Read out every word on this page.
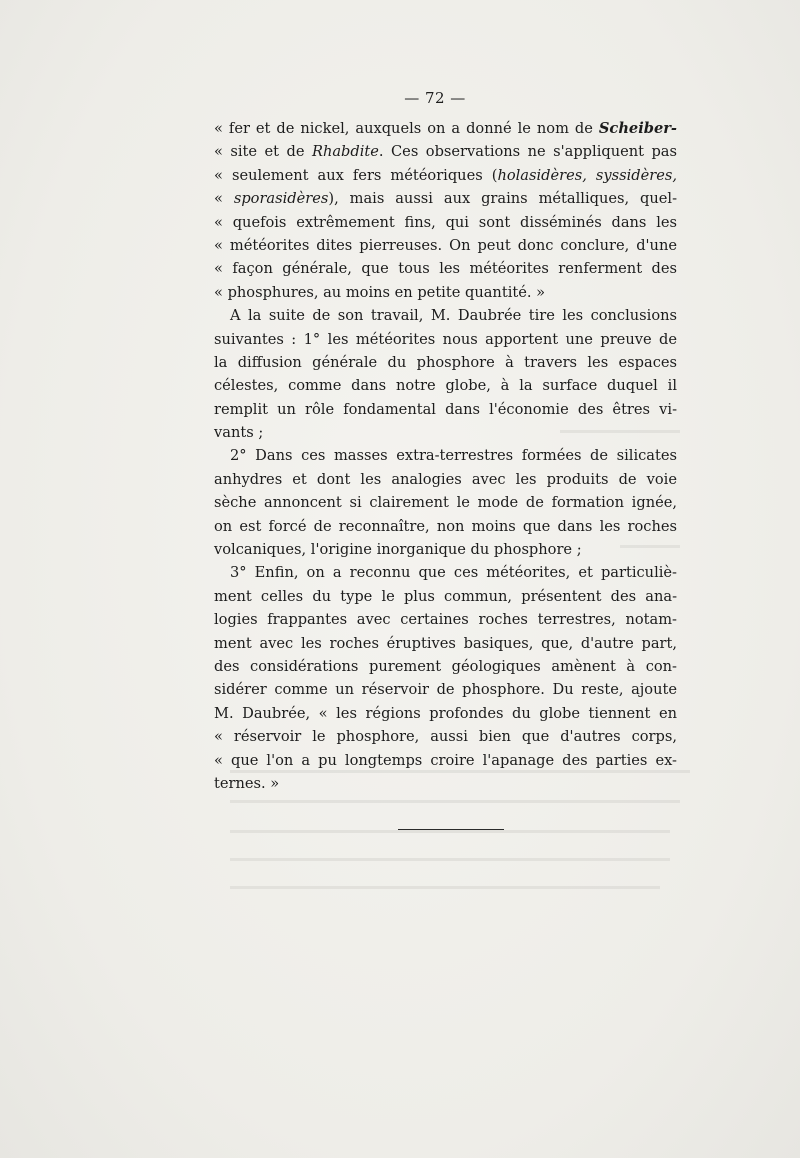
— 72 —
« fer et de nickel, auxquels on a donné le nom de Scheiber-
« site et de Rhabdite. Ces observations ne s'appliquent pas
« seulement aux fers météoriques (holasidères, syssidères,
« sporasidères), mais aussi aux grains métalliques, quel-
« quefois extrêmement fins, qui sont disséminés dans les
« météorites dites pierreuses. On peut donc conclure, d'une
« façon générale, que tous les météorites renferment des
« phosphures, au moins en petite quantité. »
A la suite de son travail, M. Daubrée tire les conclusions
suivantes : 1° les météorites nous apportent une preuve de
la diffusion générale du phosphore à travers les espaces
célestes, comme dans notre globe, à la surface duquel il
remplit un rôle fondamental dans l'économie des êtres vi-
vants ;
2° Dans ces masses extra-terrestres formées de silicates
anhydres et dont les analogies avec les produits de voie
sèche annoncent si clairement le mode de formation ignée,
on est forcé de reconnaître, non moins que dans les roches
volcaniques, l'origine inorganique du phosphore ;
3° Enfin, on a reconnu que ces météorites, et particuliè-
ment celles du type le plus commun, présentent des ana-
logies frappantes avec certaines roches terrestres, notam-
ment avec les roches éruptives basiques, que, d'autre part,
des considérations purement géologiques amènent à con-
sidérer comme un réservoir de phosphore. Du reste, ajoute
M. Daubrée, « les régions profondes du globe tiennent en
« réservoir le phosphore, aussi bien que d'autres corps,
« que l'on a pu longtemps croire l'apanage des parties ex-
ternes. »
